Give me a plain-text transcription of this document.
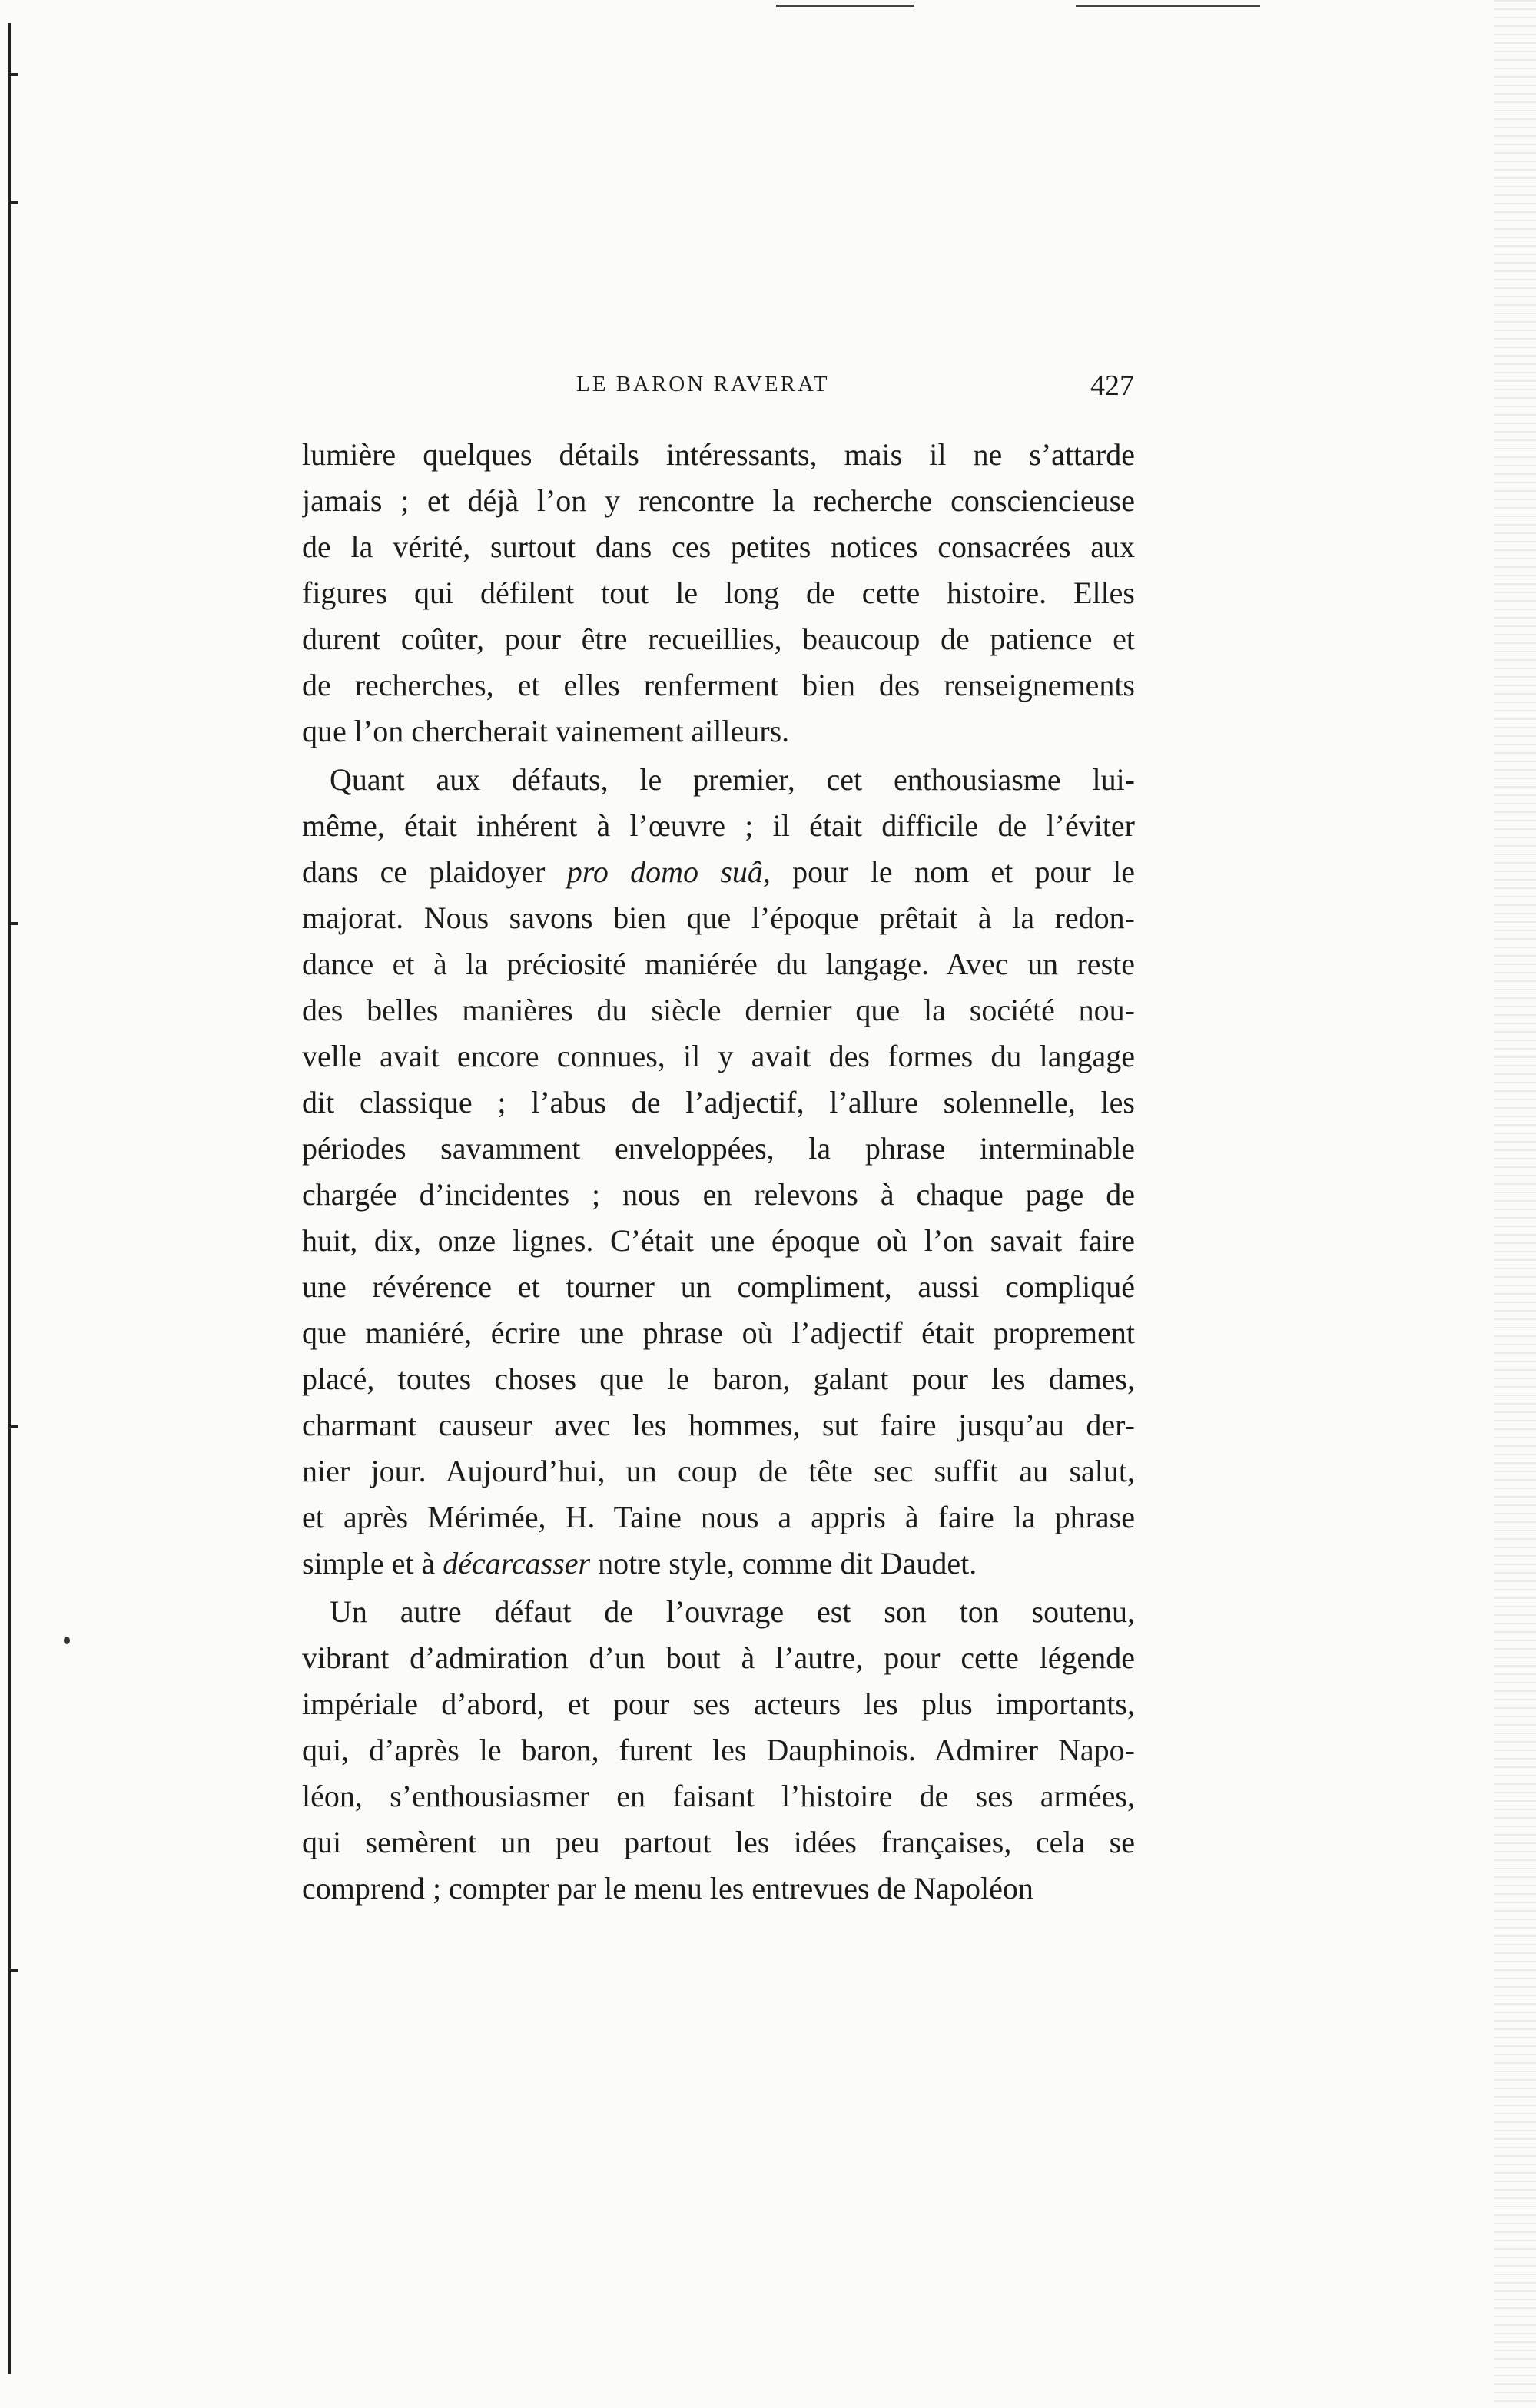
LE BARON RAVERAT	427
lumière quelques détails intéressants, mais il ne s’attarde
jamais ; et déjà l’on y rencontre la recherche consciencieuse
de la vérité, surtout dans ces petites notices consacrées aux
figures qui défilent tout le long de cette histoire. Elles
durent coûter, pour être recueillies, beaucoup de patience et
de recherches, et elles renferment bien des renseignements
que l’on chercherait vainement ailleurs.
Quant aux défauts, le premier, cet enthousiasme lui-
même, était inhérent à l’œuvre ; il était difficile de l’éviter
dans ce plaidoyer pro domo suâ, pour le nom et pour le
majorat. Nous savons bien que l’époque prêtait à la redon-
dance et à la préciosité maniérée du langage. Avec un reste
des belles manières du siècle dernier que la société nou-
velle avait encore connues, il y avait des formes du langage
dit classique ; l’abus de l’adjectif, l’allure solennelle, les
périodes savamment enveloppées, la phrase interminable
chargée d’incidentes ; nous en relevons à chaque page de
huit, dix, onze lignes. C’était une époque où l’on savait faire
une révérence et tourner un compliment, aussi compliqué
que maniéré, écrire une phrase où l’adjectif était proprement
placé, toutes choses que le baron, galant pour les dames,
charmant causeur avec les hommes, sut faire jusqu’au der-
nier jour. Aujourd’hui, un coup de tête sec suffit au salut,
et après Mérimée, H. Taine nous a appris à faire la phrase
simple et à décarcasser notre style, comme dit Daudet.
Un autre défaut de l’ouvrage est son ton soutenu,
vibrant d’admiration d’un bout à l’autre, pour cette légende
impériale d’abord, et pour ses acteurs les plus importants,
qui, d’après le baron, furent les Dauphinois. Admirer Napo-
léon, s’enthousiasmer en faisant l’histoire de ses armées,
qui semèrent un peu partout les idées françaises, cela se
comprend ; compter par le menu les entrevues de Napoléon
